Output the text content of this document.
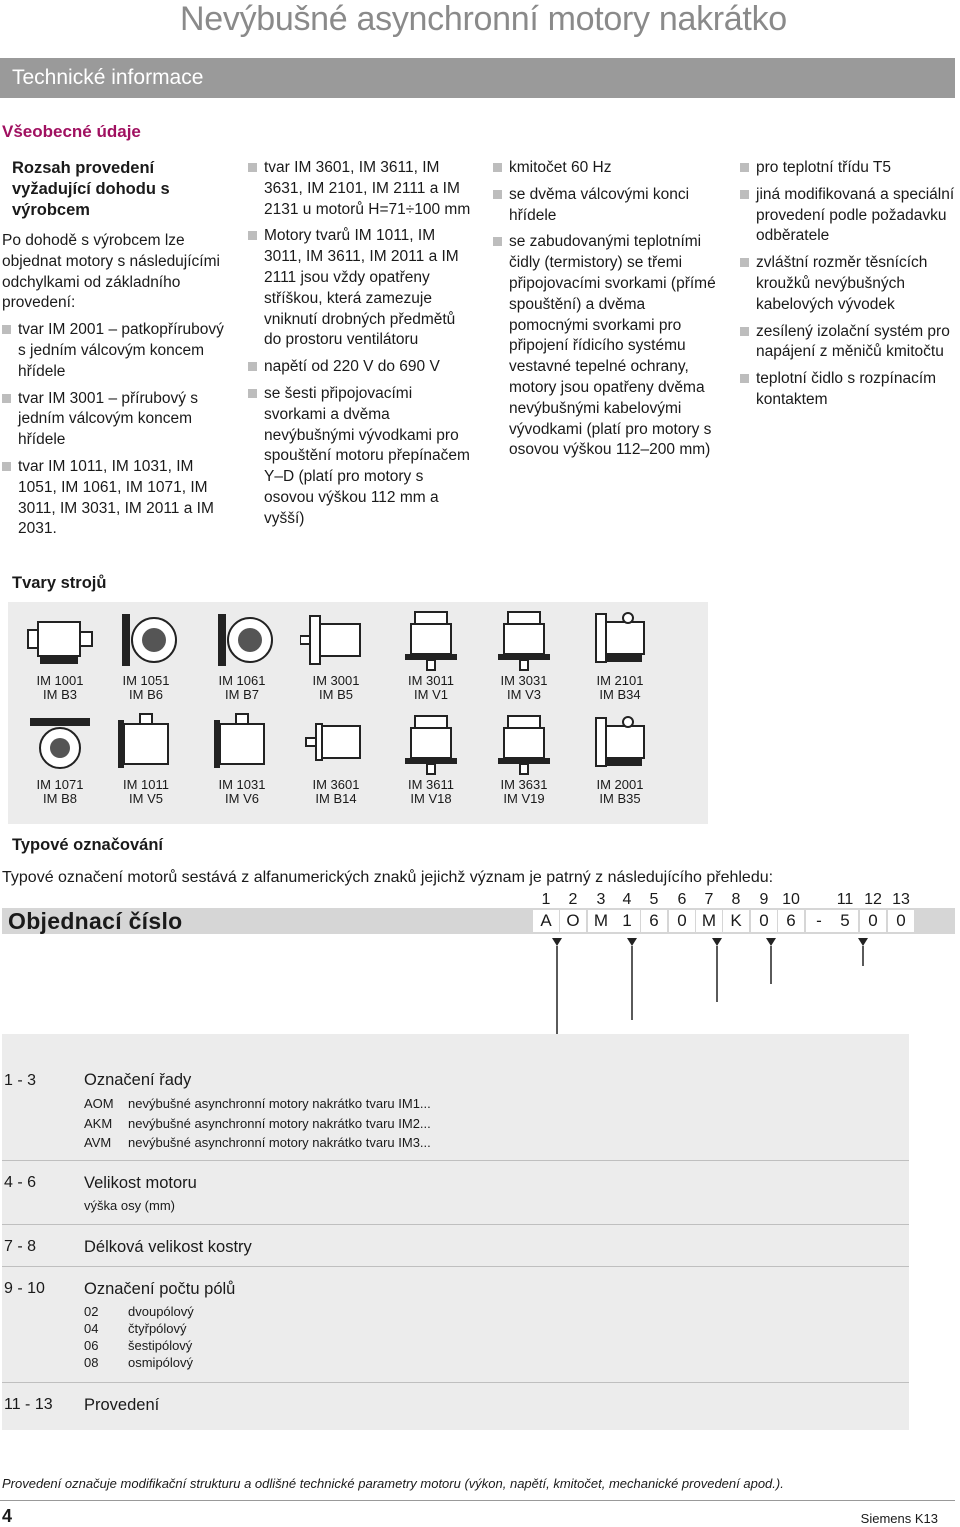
Nevýbušné asynchronní motory nakrátko
Technické informace
Všeobecné údaje
Rozsah provedení vyžadující dohodu s výrobcem

Po dohodě s výrobcem lze objednat motory s následujícími odchylkami od základního provedení:

tvar IM 2001 – patkopřírubový s jedním válcovým koncem hřídele
tvar IM 3001 – přírubový s jedním válcovým koncem hřídele
tvar IM 1011, IM 1031, IM 1051, IM 1061, IM 1071, IM 3011, IM 3031, IM 2011 a IM 2031.
tvar IM 3601, IM 3611, IM 3631, IM 2101, IM 2111 a IM 2131 u motorů H=71÷100 mm
Motory tvarů IM 1011, IM 3011, IM 3611, IM 2011 a IM 2111 jsou vždy opatřeny stříškou, která zamezuje vniknutí drobných předmětů do prostoru ventilátoru
napětí od 220 V do 690 V
se šesti připojovacími svorkami a dvěma nevýbušnými vývodkami pro spouštění motoru přepínačem Y–D (platí pro motory s osovou výškou 112 mm a vyšší)
kmitočet 60 Hz
se dvěma válcovými konci hřídele
se zabudovanými teplotními čidly (termistory) se třemi připojovacími svorkami (přímé spouštění) a dvěma pomocnými svorkami pro připojení řídicího systému vestavné tepelné ochrany, motory jsou opatřeny dvěma nevýbušnými kabelovými vývodkami (platí pro motory s osovou výškou 112–200 mm)
pro teplotní třídu T5
jiná modifikovaná a speciální provedení podle požadavku odběratele
zvláštní rozměr těsnících kroužků nevýbušných kabelových vývodek
zesílený izolační systém pro napájení z měničů kmitočtu
teplotní čidlo s rozpínacím kontaktem
Tvary strojů
IM 1001
IM B3
IM 1051
IM B6
IM 1061
IM B7
IM 3001
IM B5
IM 3011
IM V1
IM 3031
IM V3
IM 2101
IM B34
IM 1071
IM B8
IM 1011
IM V5
IM 1031
IM V6
IM 3601
IM B14
IM 3611
IM V18
IM 3631
IM V19
IM 2001
IM B35
Typové označování
Typové označení motorů sestává z alfanumerických znaků jejichž význam je patrný z následujícího přehledu:
1	2	3	4	5	6	7	8	9 10 11 12 13
Objednací číslo	A O M 1	6	0 M K	0	6	-	5	0	0
1 - 3	Označení řady
AOM nevýbušné asynchronní motory nakrátko tvaru IM1...
AKM nevýbušné asynchronní motory nakrátko tvaru IM2...
AVM nevýbušné asynchronní motory nakrátko tvaru IM3...
4 - 6	Velikost motoru
výška osy (mm)
7 - 8	Délková velikost kostry
9 - 10 Označení počtu pólů
02 dvoupólový
04 čtyřpólový
06 šestipólový
08 osmipólový
11 - 13 Provedení
Provedení označuje modifikační strukturu a odlišné technické parametry motoru (výkon, napětí, kmitočet, mechanické provedení apod.).
4	Siemens K13
